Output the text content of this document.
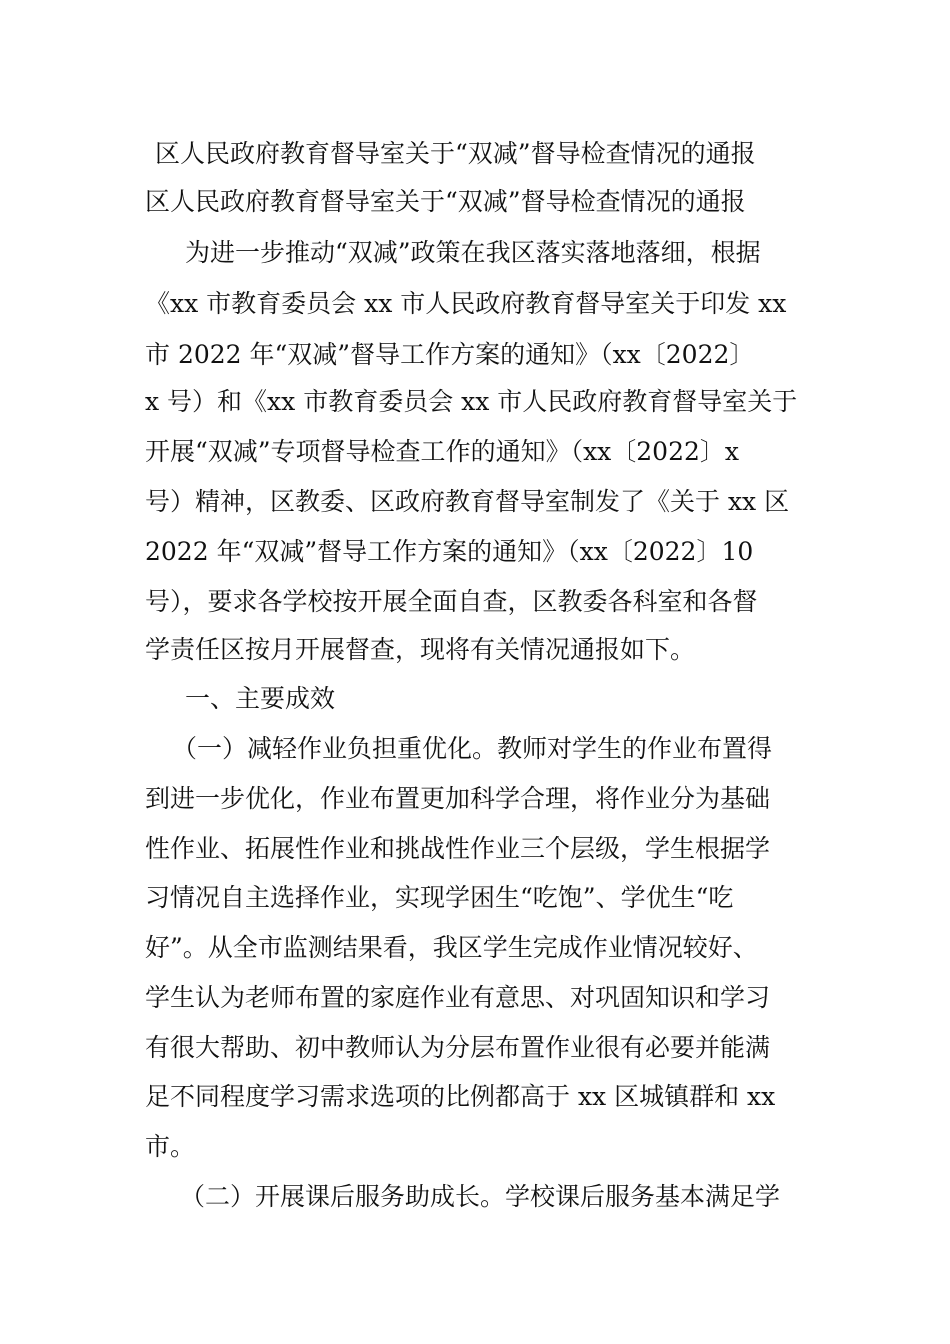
区人民政府教育督导室关于“双减”督导检查情况的通报
区人民政府教育督导室关于“双减”督导检查情况的通报
为进一步推动“双减”政策在我区落实落地落细，根据
《xx 市教育委员会 xx 市人民政府教育督导室关于印发 xx
市 2022 年“双减”督导工作方案的通知》（xx〔2022〕
x 号）和《xx 市教育委员会 xx 市人民政府教育督导室关于
开展“双减”专项督导检查工作的通知》（xx〔2022〕x
号）精神，区教委、区政府教育督导室制发了《关于 xx 区
2022 年“双减”督导工作方案的通知》（xx〔2022〕10
号），要求各学校按开展全面自查，区教委各科室和各督
学责任区按月开展督查，现将有关情况通报如下。
一、主要成效
（一）减轻作业负担重优化。教师对学生的作业布置得
到进一步优化，作业布置更加科学合理，将作业分为基础
性作业、拓展性作业和挑战性作业三个层级，学生根据学
习情况自主选择作业，实现学困生“吃饱”、学优生“吃
好”。从全市监测结果看，我区学生完成作业情况较好、
学生认为老师布置的家庭作业有意思、对巩固知识和学习
有很大帮助、初中教师认为分层布置作业很有必要并能满
足不同程度学习需求选项的比例都高于 xx 区城镇群和 xx
市。
（二）开展课后服务助成长。学校课后服务基本满足学
